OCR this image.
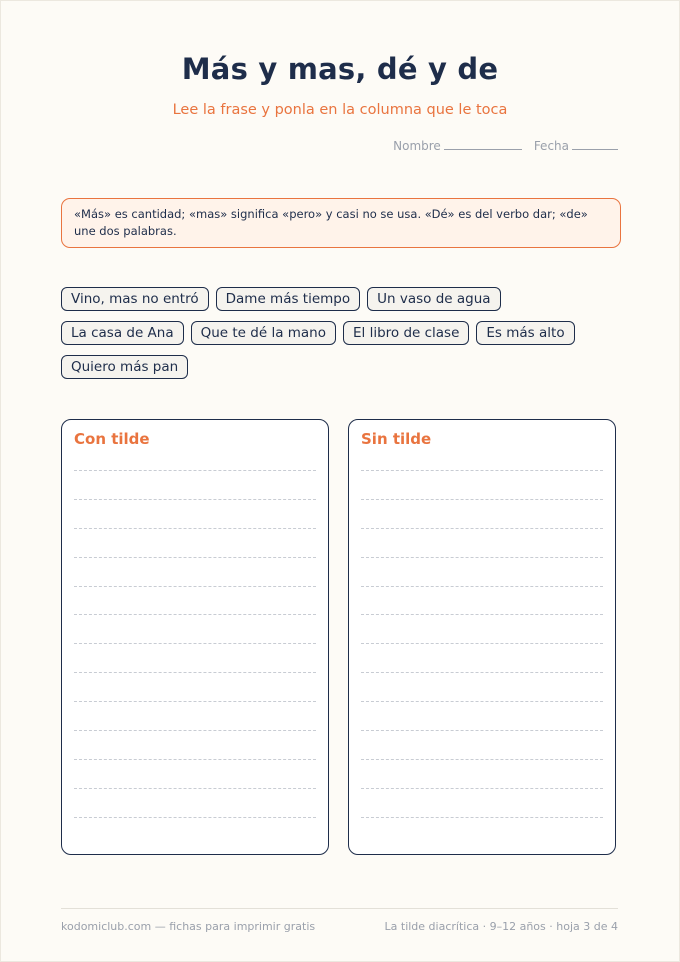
Más y mas, dé y de
Lee la frase y ponla en la columna que le toca
Nombre	Fecha
«Más» es cantidad; «mas» significa «pero» y casi no se usa. «Dé» es del verbo dar; «de» une dos palabras.
Vino, mas no entró	Dame más tiempo	Un vaso de agua
La casa de Ana	Que te dé la mano	El libro de clase	Es más alto
Quiero más pan
Con tilde	Sin tilde
kodomiclub.com — fichas para imprimir gratis	La tilde diacrítica · 9–12 años · hoja 3 de 4
